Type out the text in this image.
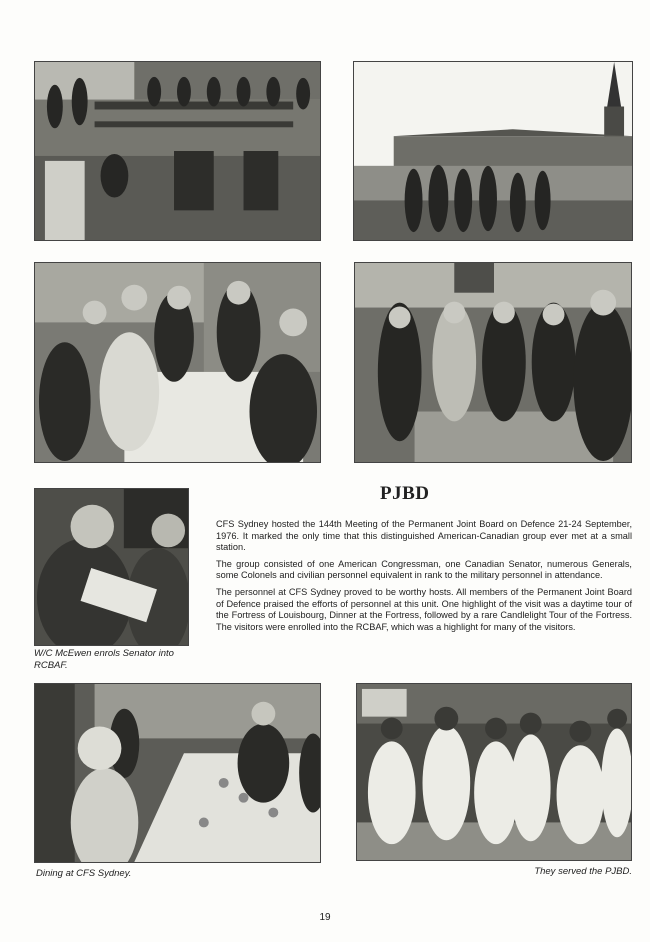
W/C McEwen enrols Senator into RCBAF.
PJBD

CFS Sydney hosted the 144th Meeting of the Permanent Joint Board on Defence 21-24 September, 1976. It marked the only time that this distinguished American-Canadian group ever met at a small station.

The group consisted of one American Congressman, one Canadian Senator, numerous Generals, some Colonels and civilian personnel equivalent in rank to the military personnel in attendance.

The personnel at CFS Sydney proved to be worthy hosts. All members of the Permanent Joint Board of Defence praised the efforts of personnel at this unit. One highlight of the visit was a daytime tour of the Fortress of Louisbourg, Dinner at the Fortress, followed by a rare Candlelight Tour of the Fortress. The visitors were enrolled into the RCBAF, which was a highlight for many of the visitors.

Dining at CFS Sydney.	They served the PJBD.
19
